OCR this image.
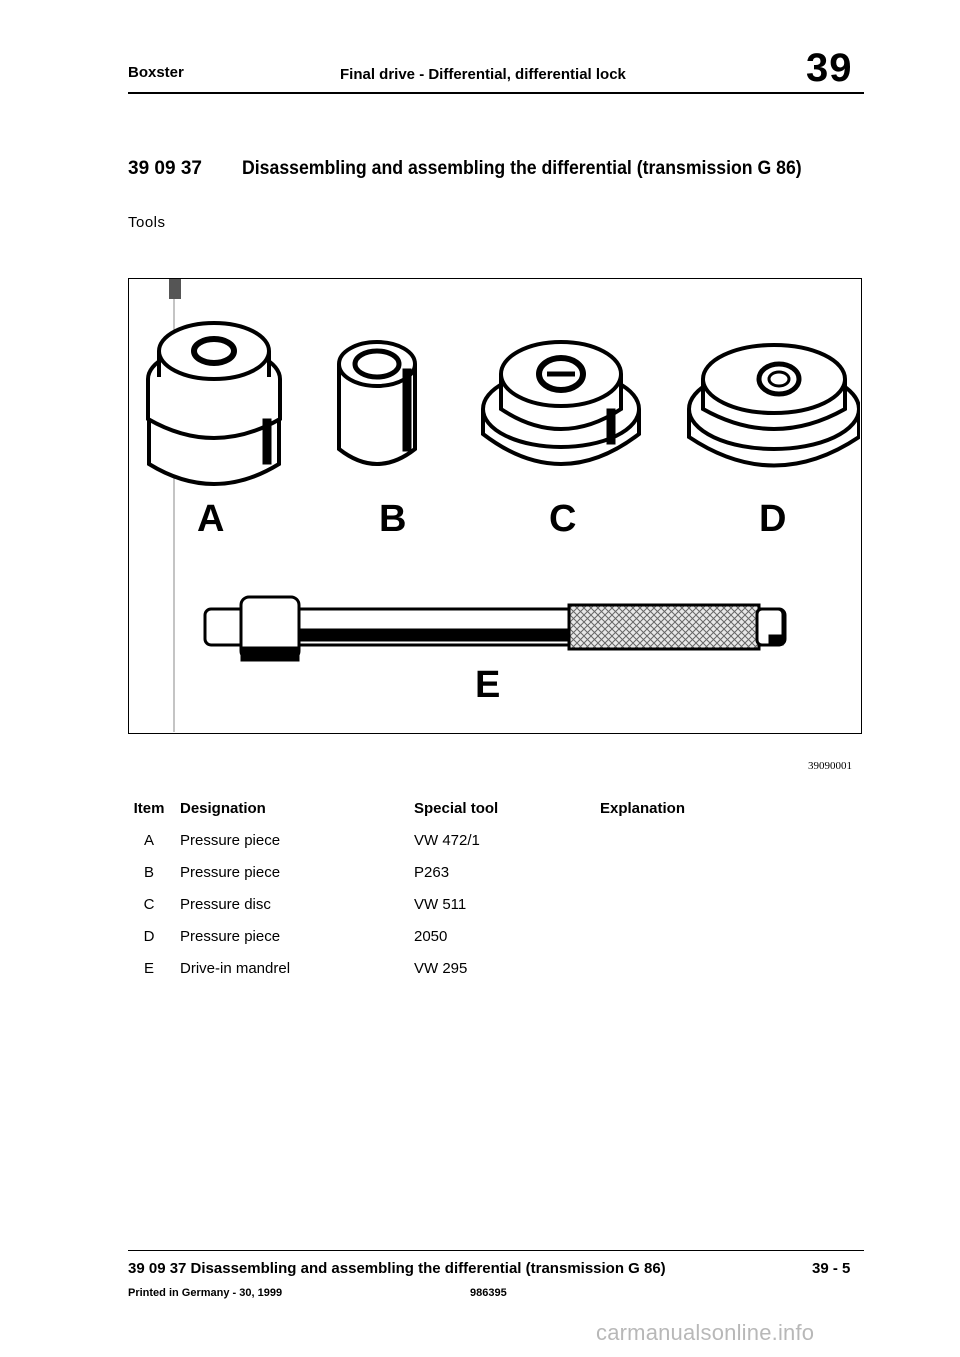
Boxster	Final drive - Differential, differential lock	39
39 09 37 Disassembling and assembling the differential (transmission G 86)
Tools
A	B	C	D
E
39090001
Item	Designation	Special tool	Explanation
A	Pressure piece	VW 472/1	
B	Pressure piece	P263	
C	Pressure disc	VW 511	
D	Pressure piece	2050	
E	Drive-in mandrel	VW 295	
39 09 37 Disassembling and assembling the differential (transmission G 86)	39 - 5
Printed in Germany - 30, 1999	986395
carmanualsonline.info
